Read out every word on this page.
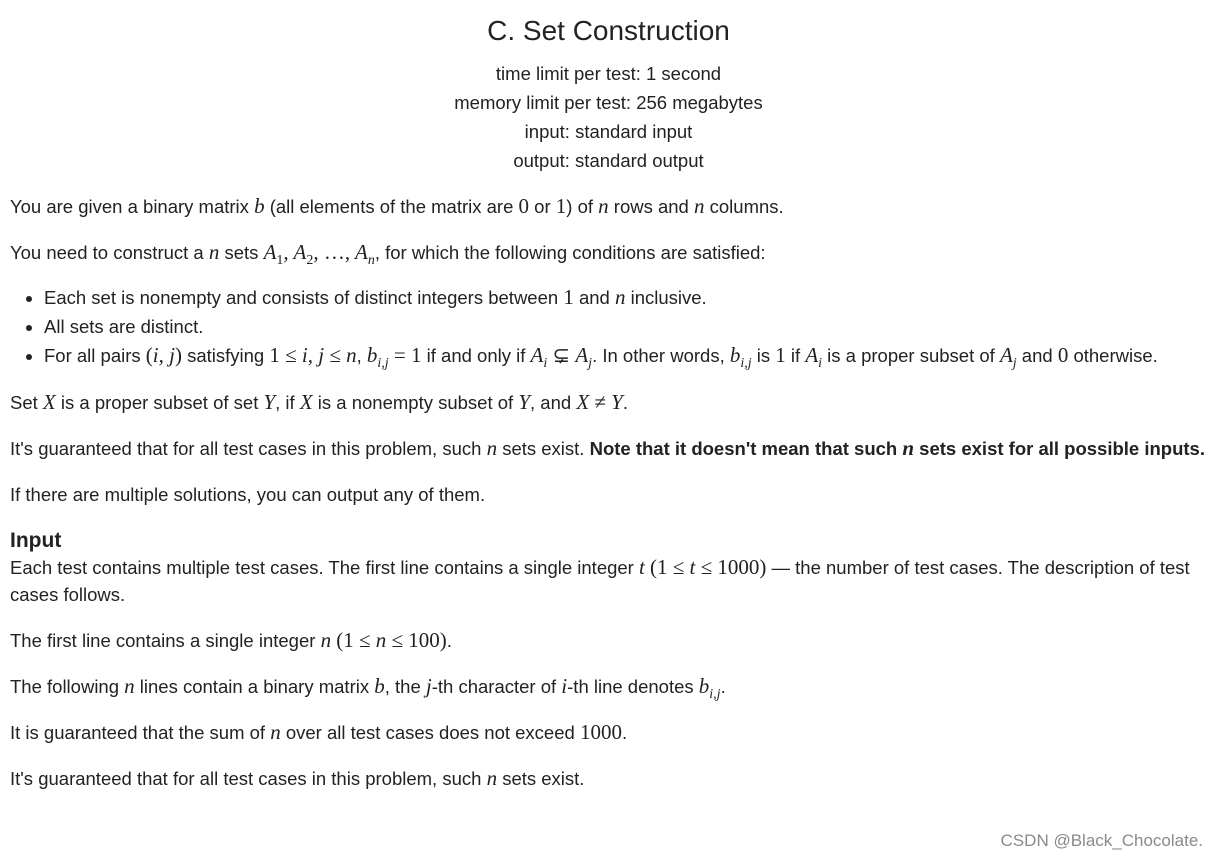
C. Set Construction
time limit per test: 1 second
memory limit per test: 256 megabytes
input: standard input
output: standard output

You are given a binary matrix b (all elements of the matrix are 0 or 1) of n rows and n columns.

You need to construct a n sets $A_1$, $A_2$, …, $A_n$, for which the following conditions are satisfied:

• Each set is nonempty and consists of distinct integers between 1 and n inclusive.
• All sets are distinct.
• For all pairs (i, j) satisfying 1 ≤ i, j ≤ n, $b_{i,j} = 1$ if and only if $A_i$ ⊊ $A_j$. In other words, $b_{i,j}$ is 1 if $A_i$ is a proper subset of $A_j$ and 0 otherwise.

Set X is a proper subset of set Y, if X is a nonempty subset of Y, and X ≠ Y.

It's guaranteed that for all test cases in this problem, such n sets exist. Note that it doesn't mean that such n sets exist for all possible inputs.

If there are multiple solutions, you can output any of them.

Input

Each test contains multiple test cases. The first line contains a single integer t (1 ≤ t ≤ 1000) — the number of test cases. The description of test cases follows.

The first line contains a single integer n (1 ≤ n ≤ 100).

The following n lines contain a binary matrix b, the j-th character of i-th line denotes $b_{i,j}$.

It is guaranteed that the sum of n over all test cases does not exceed 1000.

It's guaranteed that for all test cases in this problem, such n sets exist.

CSDN @Black_Chocolate.
